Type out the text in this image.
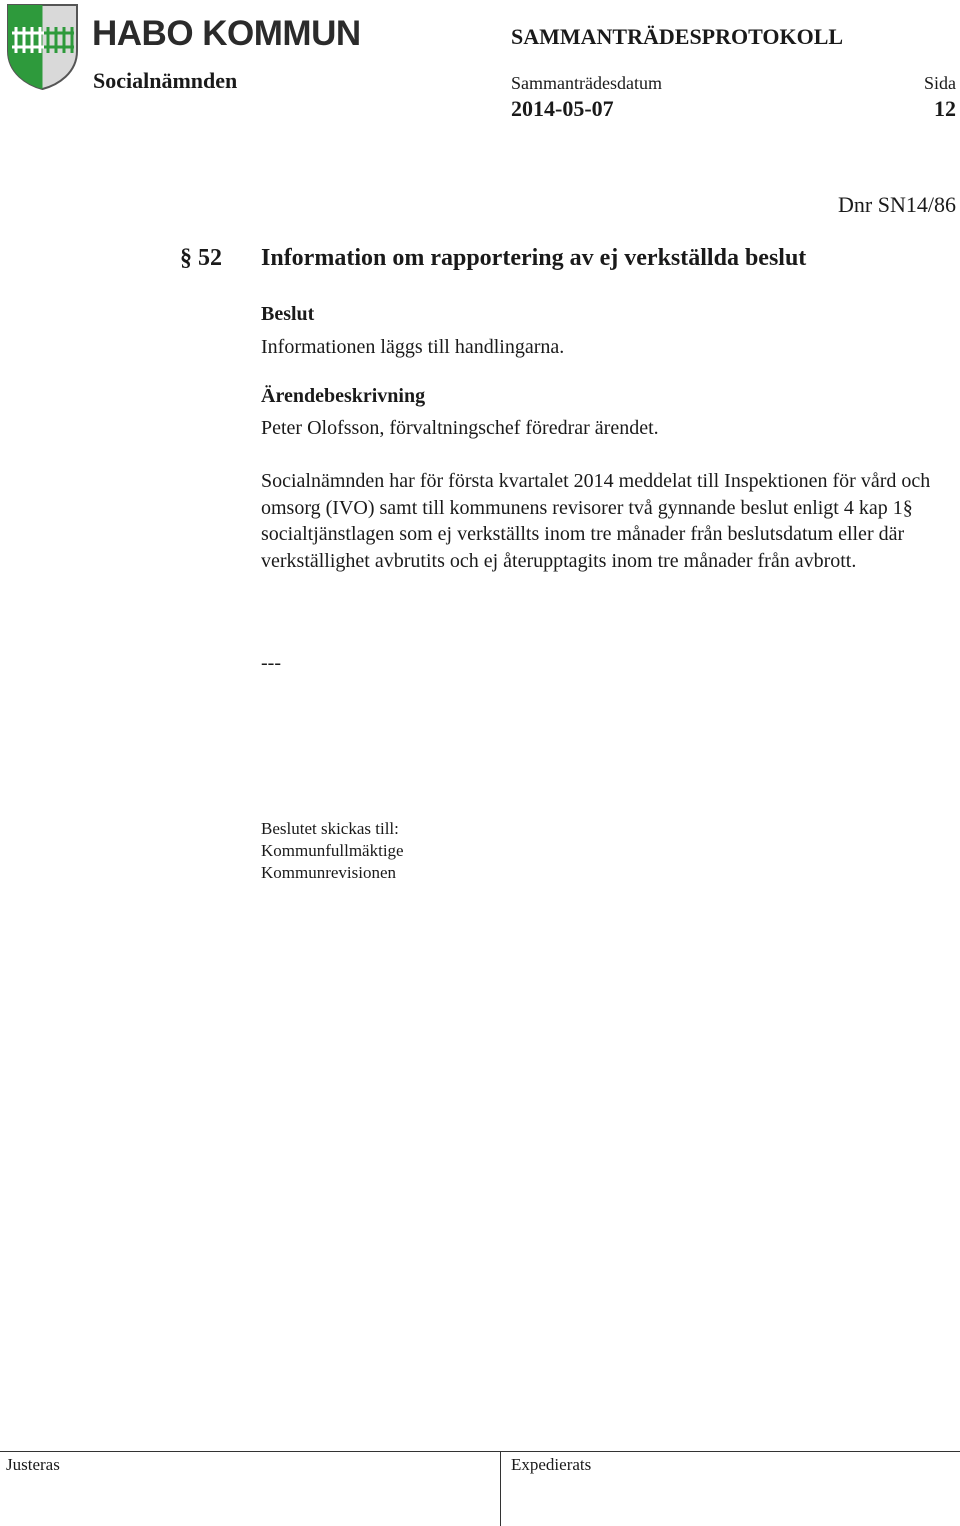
HABO KOMMUN
Socialnämnden
SAMMANTRÄDESPROTOKOLL
Sammanträdesdatum	Sida
2014-05-07	12
Dnr SN14/86
§ 52 Information om rapportering av ej verkställda beslut
Beslut
Informationen läggs till handlingarna.
Ärendebeskrivning
Peter Olofsson, förvaltningschef föredrar ärendet.
Socialnämnden har för första kvartalet 2014 meddelat till Inspektionen för vård och omsorg (IVO) samt till kommunens revisorer två gynnande beslut enligt 4 kap 1§ socialtjänstlagen som ej verkställts inom tre månader från beslutsdatum eller där verkställighet avbrutits och ej återupptagits inom tre månader från avbrott.
---
Beslutet skickas till:
Kommunfullmäktige
Kommunrevisionen
Justeras	Expedierats
